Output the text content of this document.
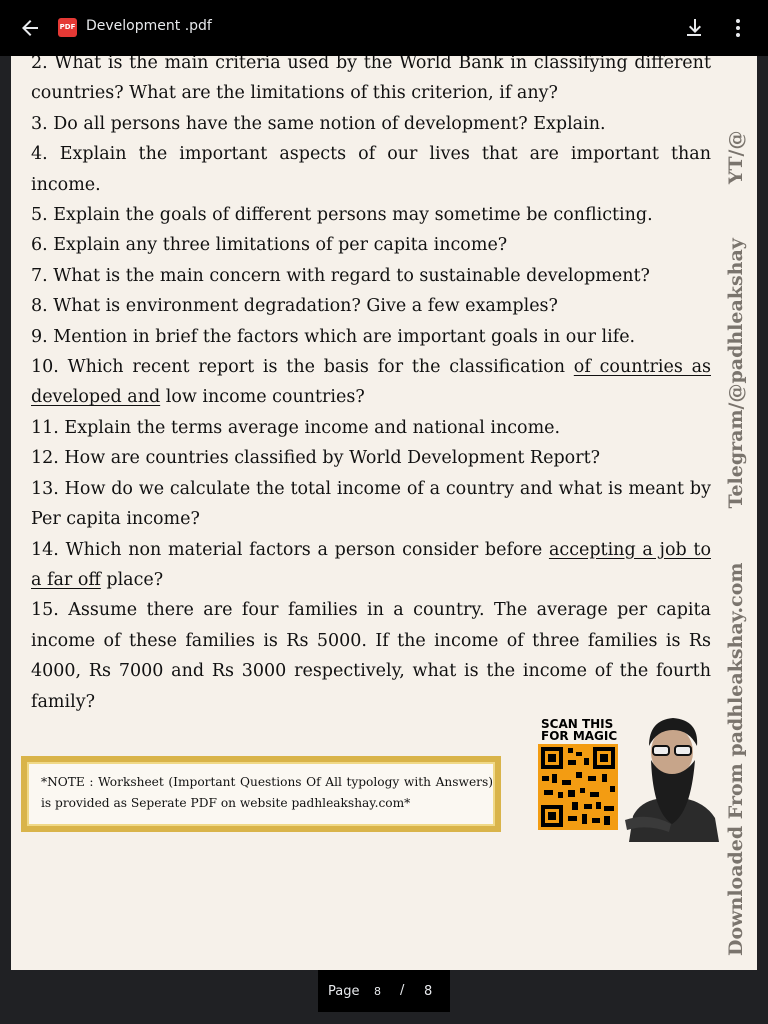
PDF Development .pdf

2. What is the main criteria used by the World Bank in classifying different countries? What are the limitations of this criterion, if any?

3. Do all persons have the same notion of development? Explain.

4. Explain the important aspects of our lives that are important than income.

5. Explain the goals of different persons may sometime be conflicting.

6. Explain any three limitations of per capita income?

7. What is the main concern with regard to sustainable development?

8. What is environment degradation? Give a few examples?

9. Mention in brief the factors which are important goals in our life.

10. Which recent report is the basis for the classification of countries as developed and low income countries?

11. Explain the terms average income and national income.

12. How are countries classified by World Development Report?

13. How do we calculate the total income of a country and what is meant by Per capita income?

14. Which non material factors a person consider before accepting a job to a far off place?

15. Assume there are four families in a country. The average per capita income of these families is Rs 5000. If the income of three families is Rs 4000, Rs 7000 and Rs 3000 respectively, what is the income of the fourth family?	Downloaded From padhleakshay.comTelegram/@padhleakshayYT/@
*NOTE : Worksheet (Important Questions Of All typology with Answers) is provided as Seperate PDF on website padhleakshay.com*
SCAN THIS
FOR MAGIC
Page 8 / 8
